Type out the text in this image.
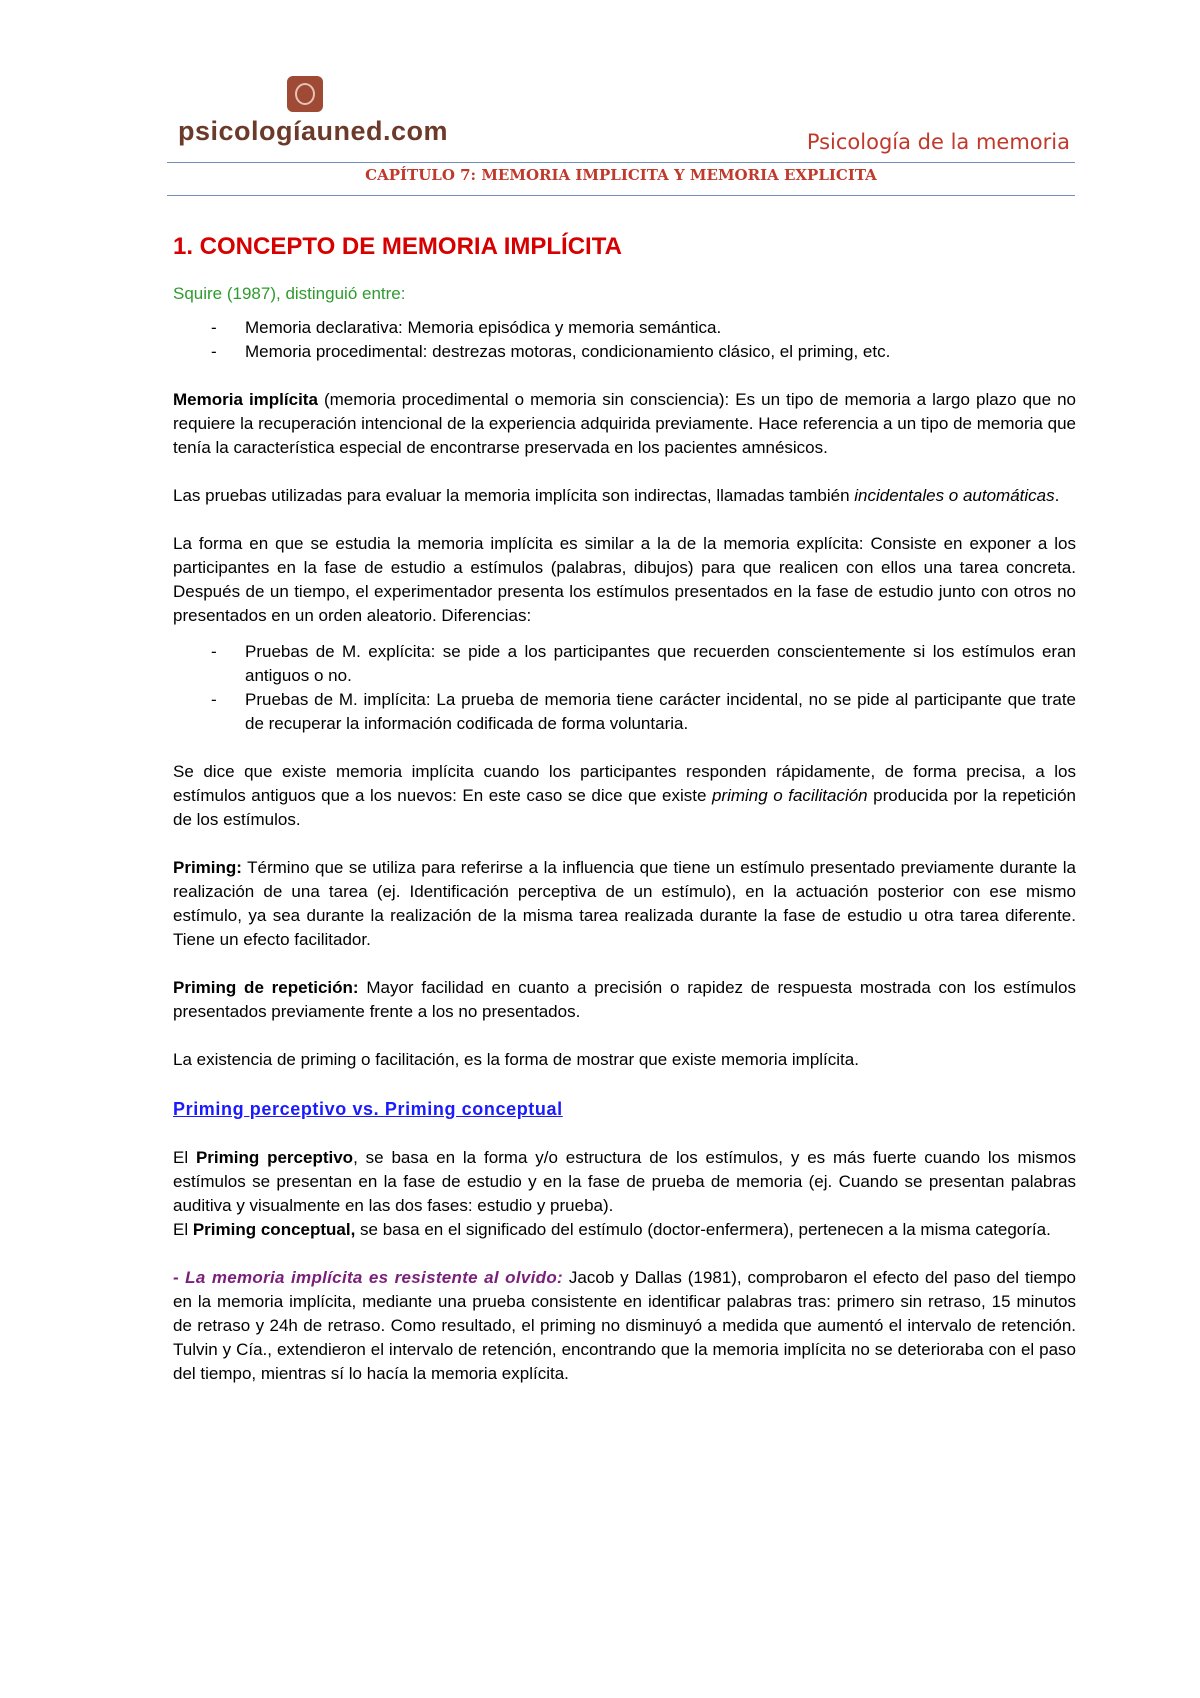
psicologíauned.com	Psicología de la memoria
CAPÍTULO 7: MEMORIA IMPLICITA Y MEMORIA EXPLICITA
1. CONCEPTO DE MEMORIA IMPLÍCITA

Squire (1987), distinguió entre:

- Memoria declarativa: Memoria episódica y memoria semántica.
- Memoria procedimental: destrezas motoras, condicionamiento clásico, el priming, etc.

Memoria implícita (memoria procedimental o memoria sin consciencia): Es un tipo de memoria a largo plazo que no requiere la recuperación intencional de la experiencia adquirida previamente. Hace referencia a un tipo de memoria que tenía la característica especial de encontrarse preservada en los pacientes amnésicos.

Las pruebas utilizadas para evaluar la memoria implícita son indirectas, llamadas también incidentales o automáticas.

La forma en que se estudia la memoria implícita es similar a la de la memoria explícita: Consiste en exponer a los participantes en la fase de estudio a estímulos (palabras, dibujos) para que realicen con ellos una tarea concreta. Después de un tiempo, el experimentador presenta los estímulos presentados en la fase de estudio junto con otros no presentados en un orden aleatorio. Diferencias:

- Pruebas de M. explícita: se pide a los participantes que recuerden conscientemente si los estímulos eran antiguos o no.
- Pruebas de M. implícita: La prueba de memoria tiene carácter incidental, no se pide al participante que trate de recuperar la información codificada de forma voluntaria.

Se dice que existe memoria implícita cuando los participantes responden rápidamente, de forma precisa, a los estímulos antiguos que a los nuevos: En este caso se dice que existe priming o facilitación producida por la repetición de los estímulos.

Priming: Término que se utiliza para referirse a la influencia que tiene un estímulo presentado previamente durante la realización de una tarea (ej. Identificación perceptiva de un estímulo), en la actuación posterior con ese mismo estímulo, ya sea durante la realización de la misma tarea realizada durante la fase de estudio u otra tarea diferente. Tiene un efecto facilitador.

Priming de repetición: Mayor facilidad en cuanto a precisión o rapidez de respuesta mostrada con los estímulos presentados previamente frente a los no presentados.

La existencia de priming o facilitación, es la forma de mostrar que existe memoria implícita.

Priming perceptivo vs. Priming conceptual

El Priming perceptivo, se basa en la forma y/o estructura de los estímulos, y es más fuerte cuando los mismos estímulos se presentan en la fase de estudio y en la fase de prueba de memoria (ej. Cuando se presentan palabras auditiva y visualmente en las dos fases: estudio y prueba).

El Priming conceptual, se basa en el significado del estímulo (doctor-enfermera), pertenecen a la misma categoría.

- La memoria implícita es resistente al olvido: Jacob y Dallas (1981), comprobaron el efecto del paso del tiempo en la memoria implícita, mediante una prueba consistente en identificar palabras tras: primero sin retraso, 15 minutos de retraso y 24h de retraso. Como resultado, el priming no disminuyó a medida que aumentó el intervalo de retención. Tulvin y Cía., extendieron el intervalo de retención, encontrando que la memoria implícita no se deterioraba con el paso del tiempo, mientras sí lo hacía la memoria explícita.
